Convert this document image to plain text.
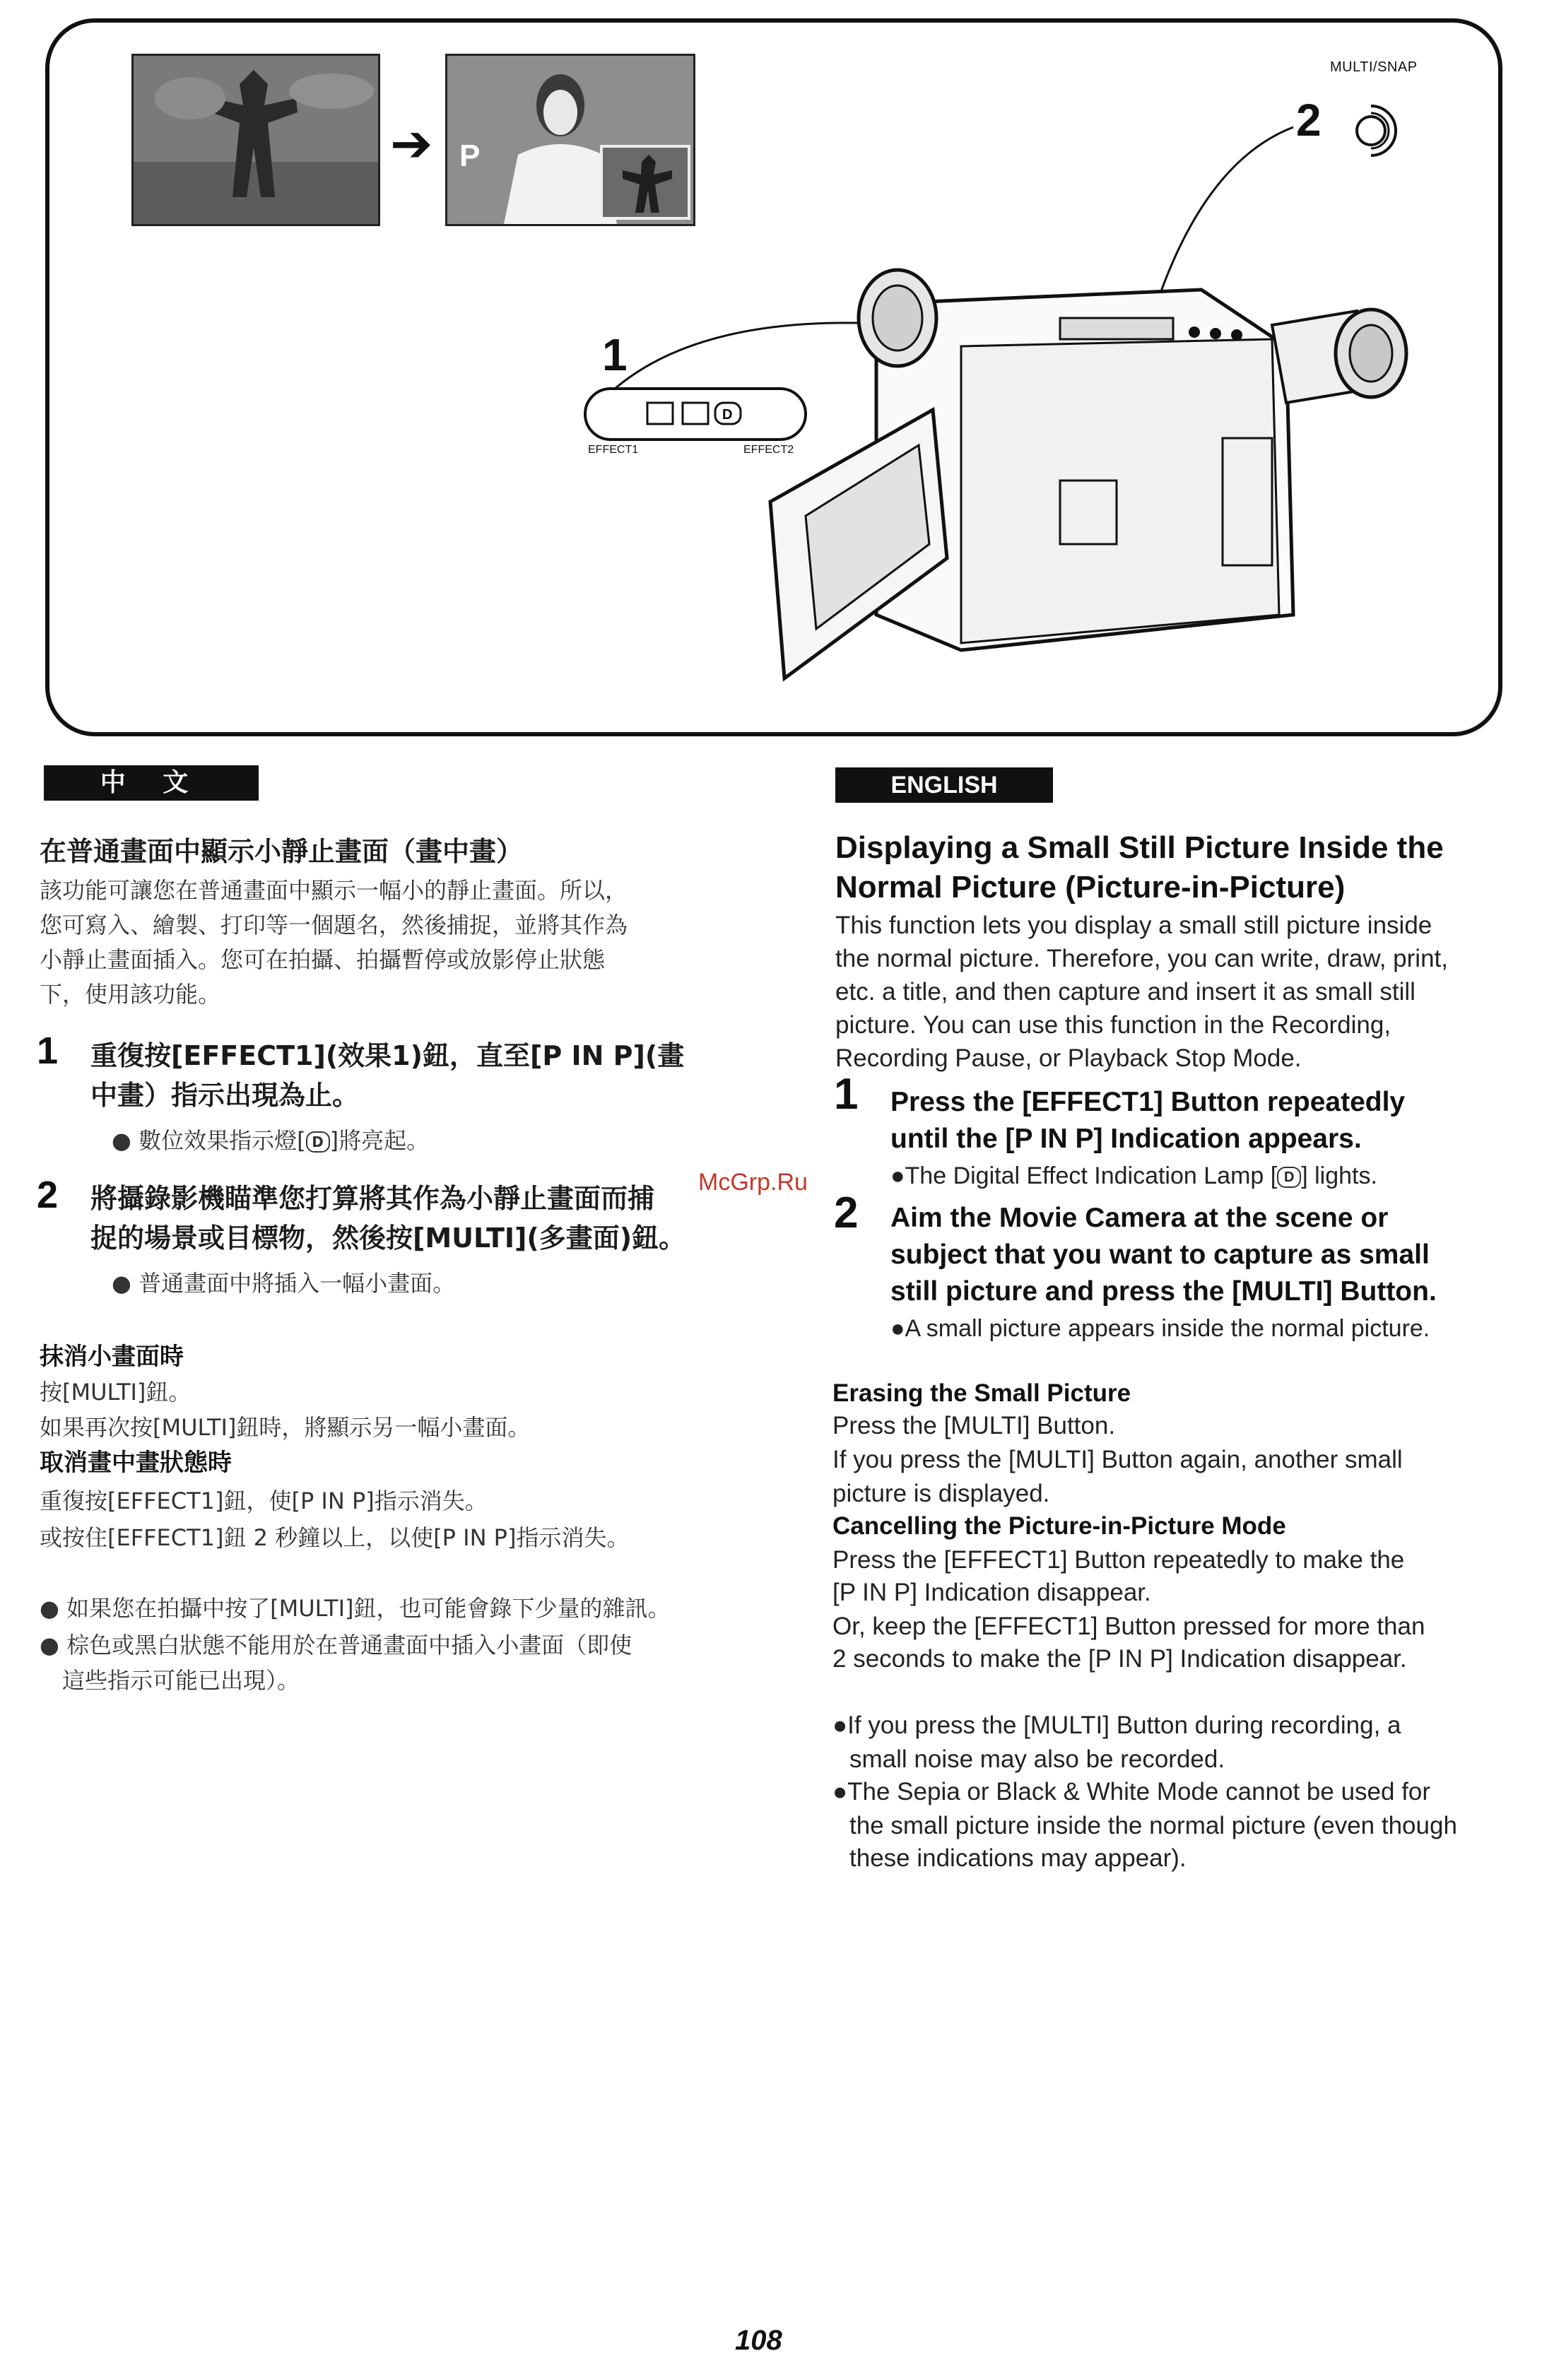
➔ P
MULTI/SNAP
2
1
D
EFFECT1	EFFECT2
中 文	ENGLISH
在普通畫面中顯示小靜止畫面（畫中畫）
該功能可讓您在普通畫面中顯示一幅小的靜止畫面。所以，
您可寫入、繪製、打印等一個題名，然後捕捉，並將其作為
小靜止畫面插入。您可在拍攝、拍攝暫停或放影停止狀態
下，使用該功能。
1 重復按[EFFECT1](效果1)鈕，直至[P IN P](畫
中畫）指示出現為止。
● 數位效果指示燈[ D ]將亮起。
2 將攝錄影機瞄準您打算將其作為小靜止畫面而捕
捉的場景或目標物，然後按[MULTI](多畫面)鈕。
● 普通畫面中將插入一幅小畫面。
抹消小畫面時
按[MULTI]鈕。
如果再次按[MULTI]鈕時，將顯示另一幅小畫面。
取消畫中畫狀態時
重復按[EFFECT1]鈕，使[P IN P]指示消失。
或按住[EFFECT1]鈕 2 秒鐘以上，以使[P IN P]指示消失。
● 如果您在拍攝中按了[MULTI]鈕，也可能會錄下少量的雜訊。
● 棕色或黑白狀態不能用於在普通畫面中插入小畫面（即使
　這些指示可能已出現）。
Displaying a Small Still Picture Inside the
Normal Picture (Picture-in-Picture)
This function lets you display a small still picture inside
the normal picture. Therefore, you can write, draw, print,
etc. a title, and then capture and insert it as small still
picture. You can use this function in the Recording,
Recording Pause, or Playback Stop Mode.
1 Press the [EFFECT1] Button repeatedly
until the [P IN P] Indication appears.
●The Digital Effect Indication Lamp [ D ] lights.
2 Aim the Movie Camera at the scene or
subject that you want to capture as small
still picture and press the [MULTI] Button.
●A small picture appears inside the normal picture.
Erasing the Small Picture
Press the [MULTI] Button.
If you press the [MULTI] Button again, another small
picture is displayed.
Cancelling the Picture-in-Picture Mode
Press the [EFFECT1] Button repeatedly to make the
[P IN P] Indication disappear.
Or, keep the [EFFECT1] Button pressed for more than
2 seconds to make the [P IN P] Indication disappear.
●If you press the [MULTI] Button during recording, a
small noise may also be recorded.
●The Sepia or Black & White Mode cannot be used for
the small picture inside the normal picture (even though
these indications may appear).
McGrp.Ru
108
